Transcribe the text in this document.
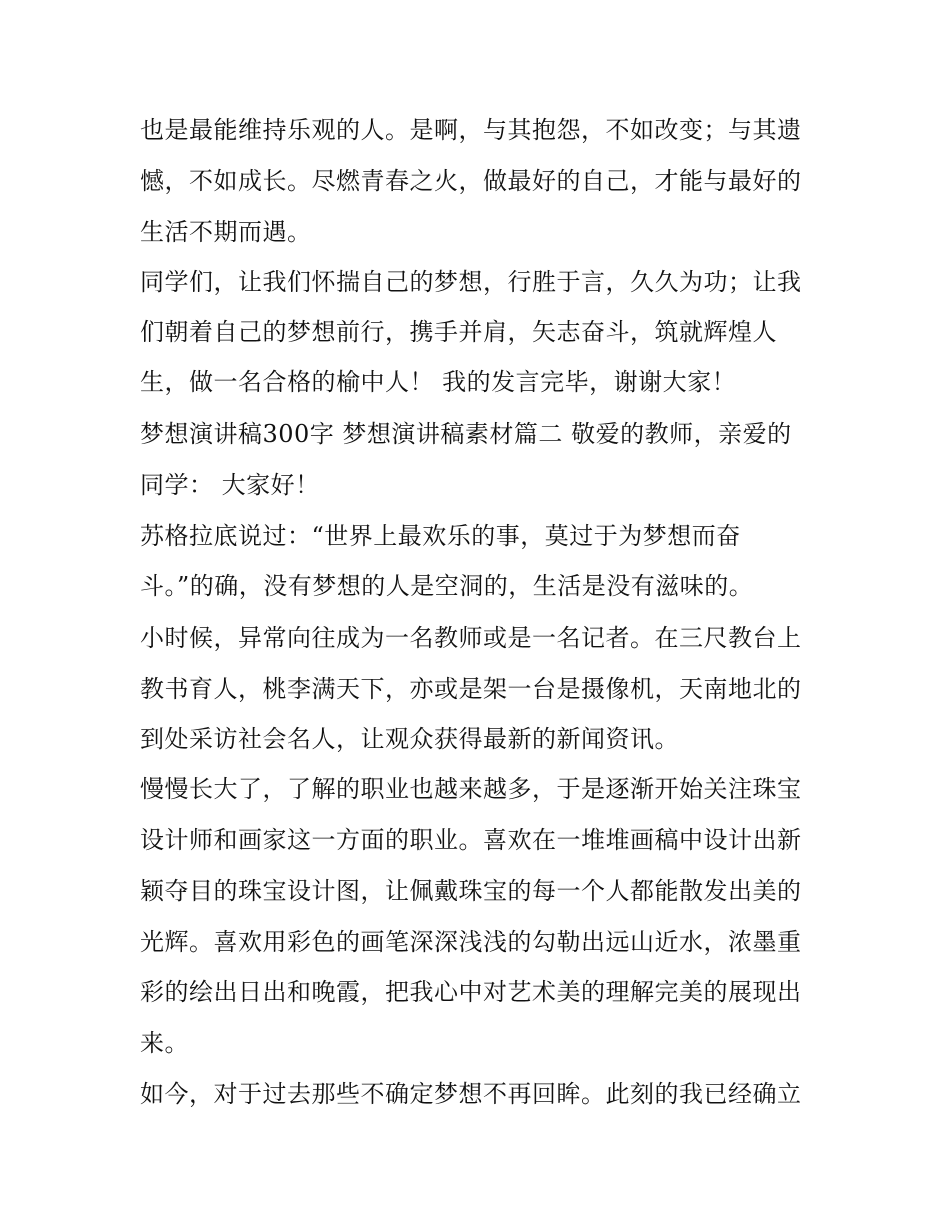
也是最能维持乐观的人。是啊，与其抱怨，不如改变；与其遗
憾，不如成长。尽燃青春之火，做最好的自己，才能与最好的
生活不期而遇。
同学们，让我们怀揣自己的梦想，行胜于言，久久为功；让我
们朝着自己的梦想前行，携手并肩，矢志奋斗，筑就辉煌人
生，做一名合格的榆中人！ 我的发言完毕，谢谢大家！
梦想演讲稿300字 梦想演讲稿素材篇二 敬爱的教师，亲爱的
同学： 大家好！
苏格拉底说过：“世界上最欢乐的事，莫过于为梦想而奋
斗。”的确，没有梦想的人是空洞的，生活是没有滋味的。
小时候，异常向往成为一名教师或是一名记者。在三尺教台上
教书育人，桃李满天下，亦或是架一台是摄像机，天南地北的
到处采访社会名人，让观众获得最新的新闻资讯。
慢慢长大了，了解的职业也越来越多，于是逐渐开始关注珠宝
设计师和画家这一方面的职业。喜欢在一堆堆画稿中设计出新
颖夺目的珠宝设计图，让佩戴珠宝的每一个人都能散发出美的
光辉。喜欢用彩色的画笔深深浅浅的勾勒出远山近水，浓墨重
彩的绘出日出和晚霞，把我心中对艺术美的理解完美的展现出
来。
如今，对于过去那些不确定梦想不再回眸。此刻的我已经确立
